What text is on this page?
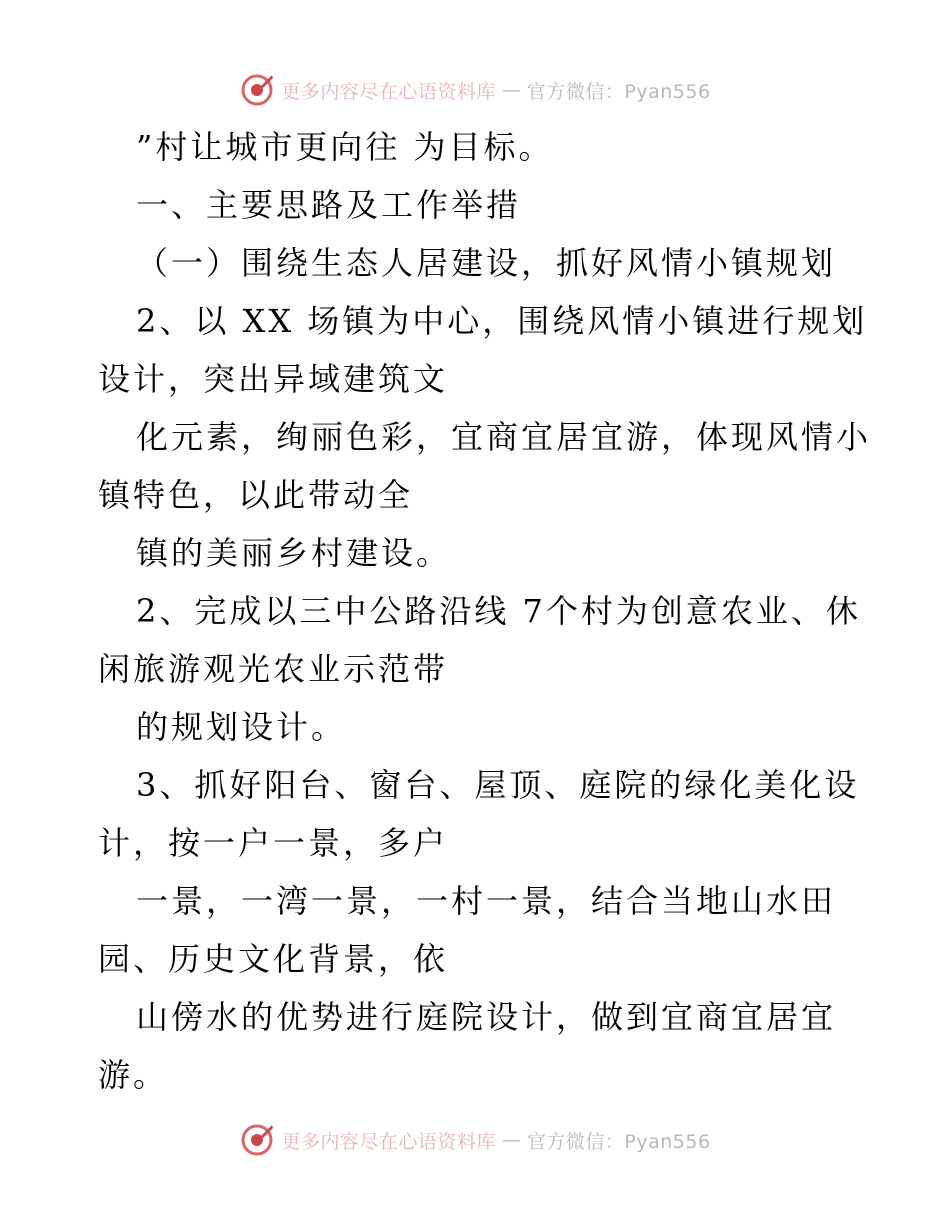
更多内容尽在心语资料库 — 官方微信：Pyan556
”村让城市更向往 为目标。
一、主要思路及工作举措
（一）围绕生态人居建设，抓好风情小镇规划
2、以 XX 场镇为中心，围绕风情小镇进行规划
设计，突出异域建筑文
化元素，绚丽色彩，宜商宜居宜游，体现风情小
镇特色，以此带动全
镇的美丽乡村建设。
2、完成以三中公路沿线 7个村为创意农业、休
闲旅游观光农业示范带
的规划设计。
3、抓好阳台、窗台、屋顶、庭院的绿化美化设
计，按一户一景，多户
一景，一湾一景，一村一景，结合当地山水田
园、历史文化背景，依
山傍水的优势进行庭院设计，做到宜商宜居宜
游。
更多内容尽在心语资料库 — 官方微信：Pyan556
